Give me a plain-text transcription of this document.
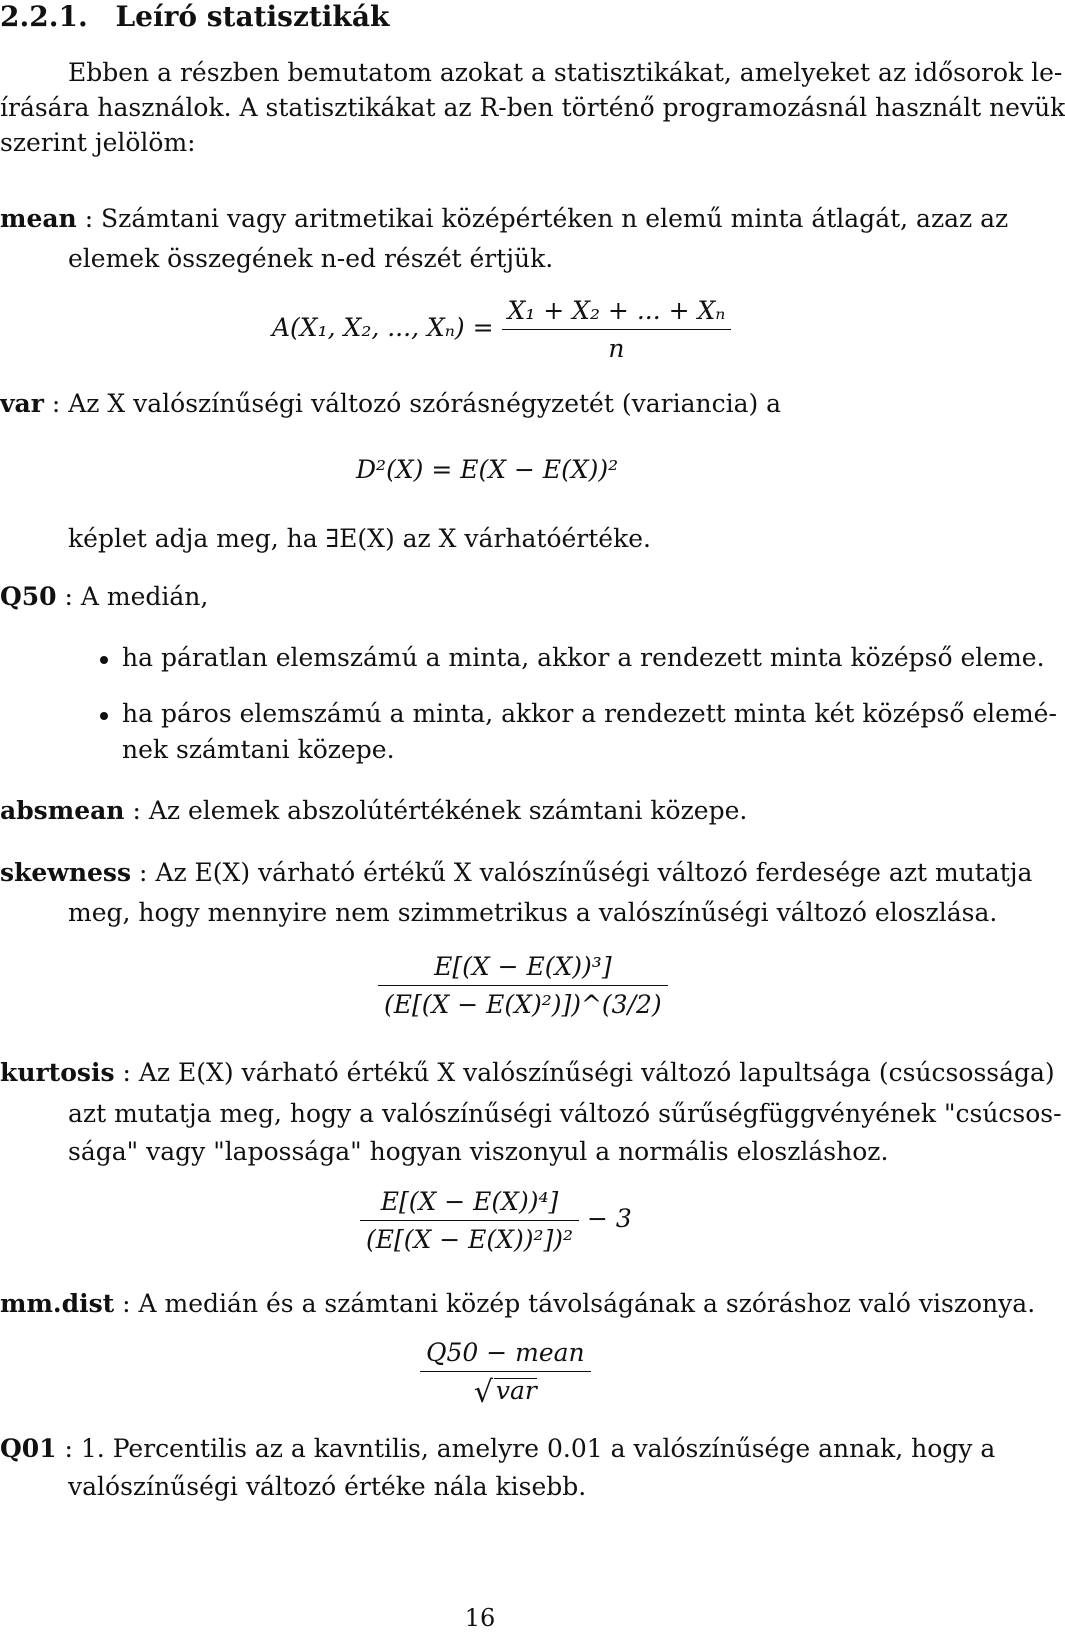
2.2.1. Leíró statisztikák
Ebben a részben bemutatom azokat a statisztikákat, amelyeket az idősorok le-
írására használok. A statisztikákat az R-ben történő programozásnál használt nevük
szerint jelölöm:
mean : Számtani vagy aritmetikai középértéken n elemű minta átlagát, azaz az
elemek összegének n-ed részét értjük.
A(X₁, X₂, ..., $X_n) = \frac{\text{X₁ + X₂ + ... + Xₙ}}{n}$
var : Az X valószínűségi változó szórásnégyzetét (variancia) a
D²(X) = E(X − E(X))²
képlet adja meg, ha ∃E(X) az X várhatóértéke.
Q50 : A medián,
ha páratlan elemszámú a minta, akkor a rendezett minta középső eleme.
ha páros elemszámú a minta, akkor a rendezett minta két középső elemé-
nek számtani közepe.
absmean : Az elemek abszolútértékének számtani közepe.
skewness : Az E(X) várható értékű X valószínűségi változó ferdesége azt mutatja
meg, hogy mennyire nem szimmetrikus a valószínűségi változó eloszlása.
$\frac{\text{E[(X − E(X))³]}}{\text{(E[(X − E(X)²)])\textasciicircum{}(3/2)}}$
kurtosis : Az E(X) várható értékű X valószínűségi változó lapultsága (csúcsossága)
azt mutatja meg, hogy a valószínűségi változó sűrűségfüggvényének "csúcsos-
sága" vagy "lapossága" hogyan viszonyul a normális eloszláshoz.
$\frac{\text{E[(X − E(X))⁴]}}{\text{(E[(X − E(X))²])²}} - 3$
mm.dist : A medián és a számtani közép távolságának a szóráshoz való viszonya.
$\frac{\text{Q50 − mean}}{\text{√ var}}$
Q01 : 1. Percentilis az a kavntilis, amelyre 0.01 a valószínűsége annak, hogy a
valószínűségi változó értéke nála kisebb.
16
